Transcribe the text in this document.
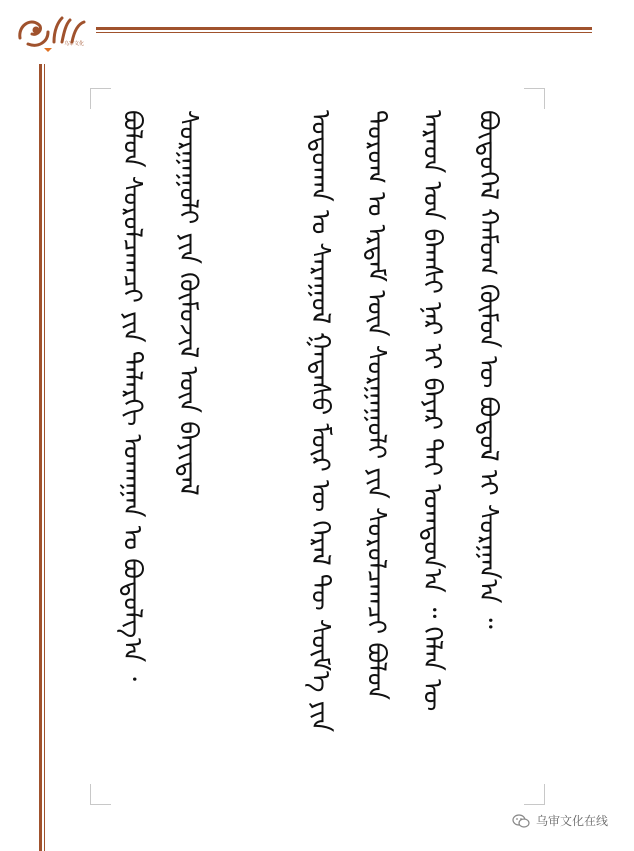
乌审文化
ᠤᠳᠤᠬᠠᠨ ᠤ ᠰᠠᠷᠠᠭᠤᠯ ᠭᠠᠳᠠᠰᠤ ᠮᠥᠷ ᠦ ᠭᠡᠷᠡᠯ ᠲᠦ ᠰᠦᠮ᠎ᠡ ᠶᠢᠨ ᠲᠤᠷᠤᠭ ᠤ ᠡᠷᠳᠡᠮ ᠦᠨ ᠰᠤᠷᠭᠠᠭᠤᠯᠢ ᠶᠢᠨ ᠰᠤᠷᠤᠯᠴᠠᠭᠴᠢ ᠪᠤᠯᠤᠨ ᠠᠷᠠᠳ ᠤᠨ ᠪᠠᠭᠰᠢ ᠨᠠᠷ ᠢ ᠪᠠᠶᠠᠷ ᠲᠠᠢ ᠤᠭᠲᠤᠨ᠎ᠠ ᠃ ᠬᠡᠯᠡᠨ ᠦ ᠪᠦᠲᠦᠭᠡᠯ ᠬᠠᠮᠤᠭ ᠬᠦᠮᠦᠨ ᠦ ᠪᠤᠳᠤᠯ ᠢ ᠰᠤᠷᠭᠠᠨ᠎ᠠ ᠃
ᠪᠤᠯᠤᠨ ᠰᠤᠷᠤᠯᠴᠠᠭᠴᠢ ᠶᠢᠨ ᠲᠠᠯᠠᠷᠬᠢ ᠤᠬᠠᠭᠠᠨ ᠤ ᠪᠤᠳᠤᠯᠭ᠎ᠠ ᠂ ᠰᠤᠷᠭᠠᠭᠤᠯᠢ ᠶᠢᠨ ᠬᠦᠮᠦᠵᠢᠯ ᠦᠨ ᠪᠠᠶᠢᠳᠠᠯ
乌审文化在线
